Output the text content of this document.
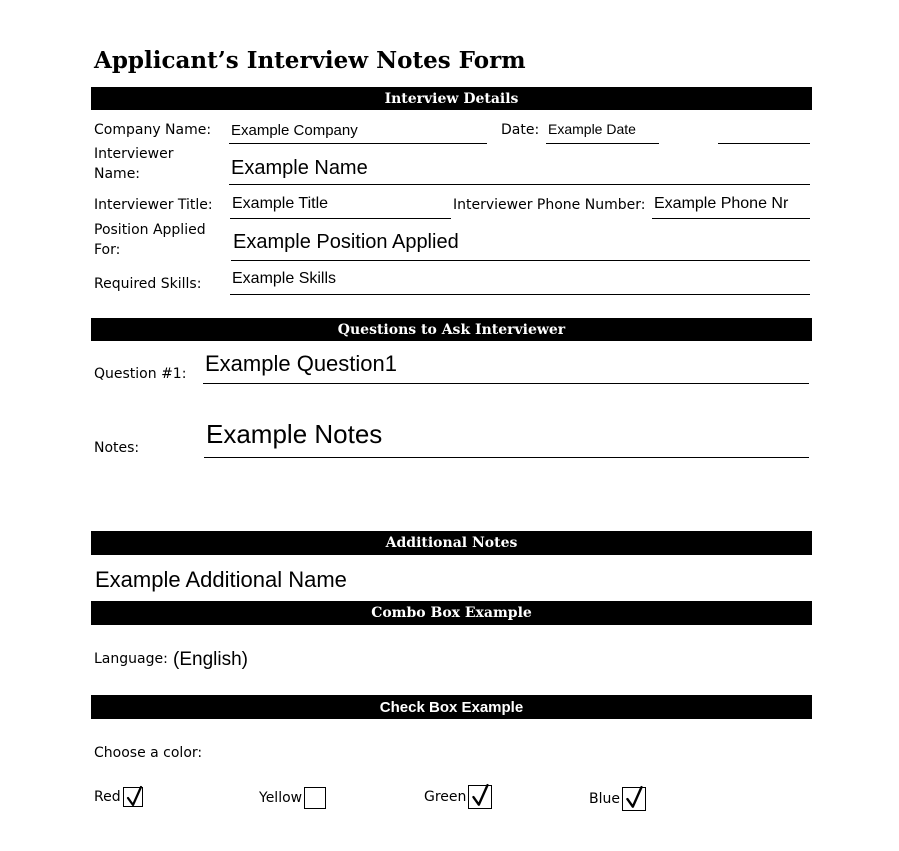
Applicant’s Interview Notes Form
Interview Details
Company Name: Example Company	Date: Example Date
Interviewer Name:	Example Name
Interviewer Title: Example Title	Interviewer Phone Number: Example Phone Nr
Position Applied For:	Example Position Applied
Required Skills: Example Skills
Questions to Ask Interviewer
Question #1: Example Question1
Notes:	Example Notes
Additional Notes
Example Additional Name
Combo Box Example
Language: (English)
Check Box Example
Choose a color:
Red	Yellow	Green	Blue
